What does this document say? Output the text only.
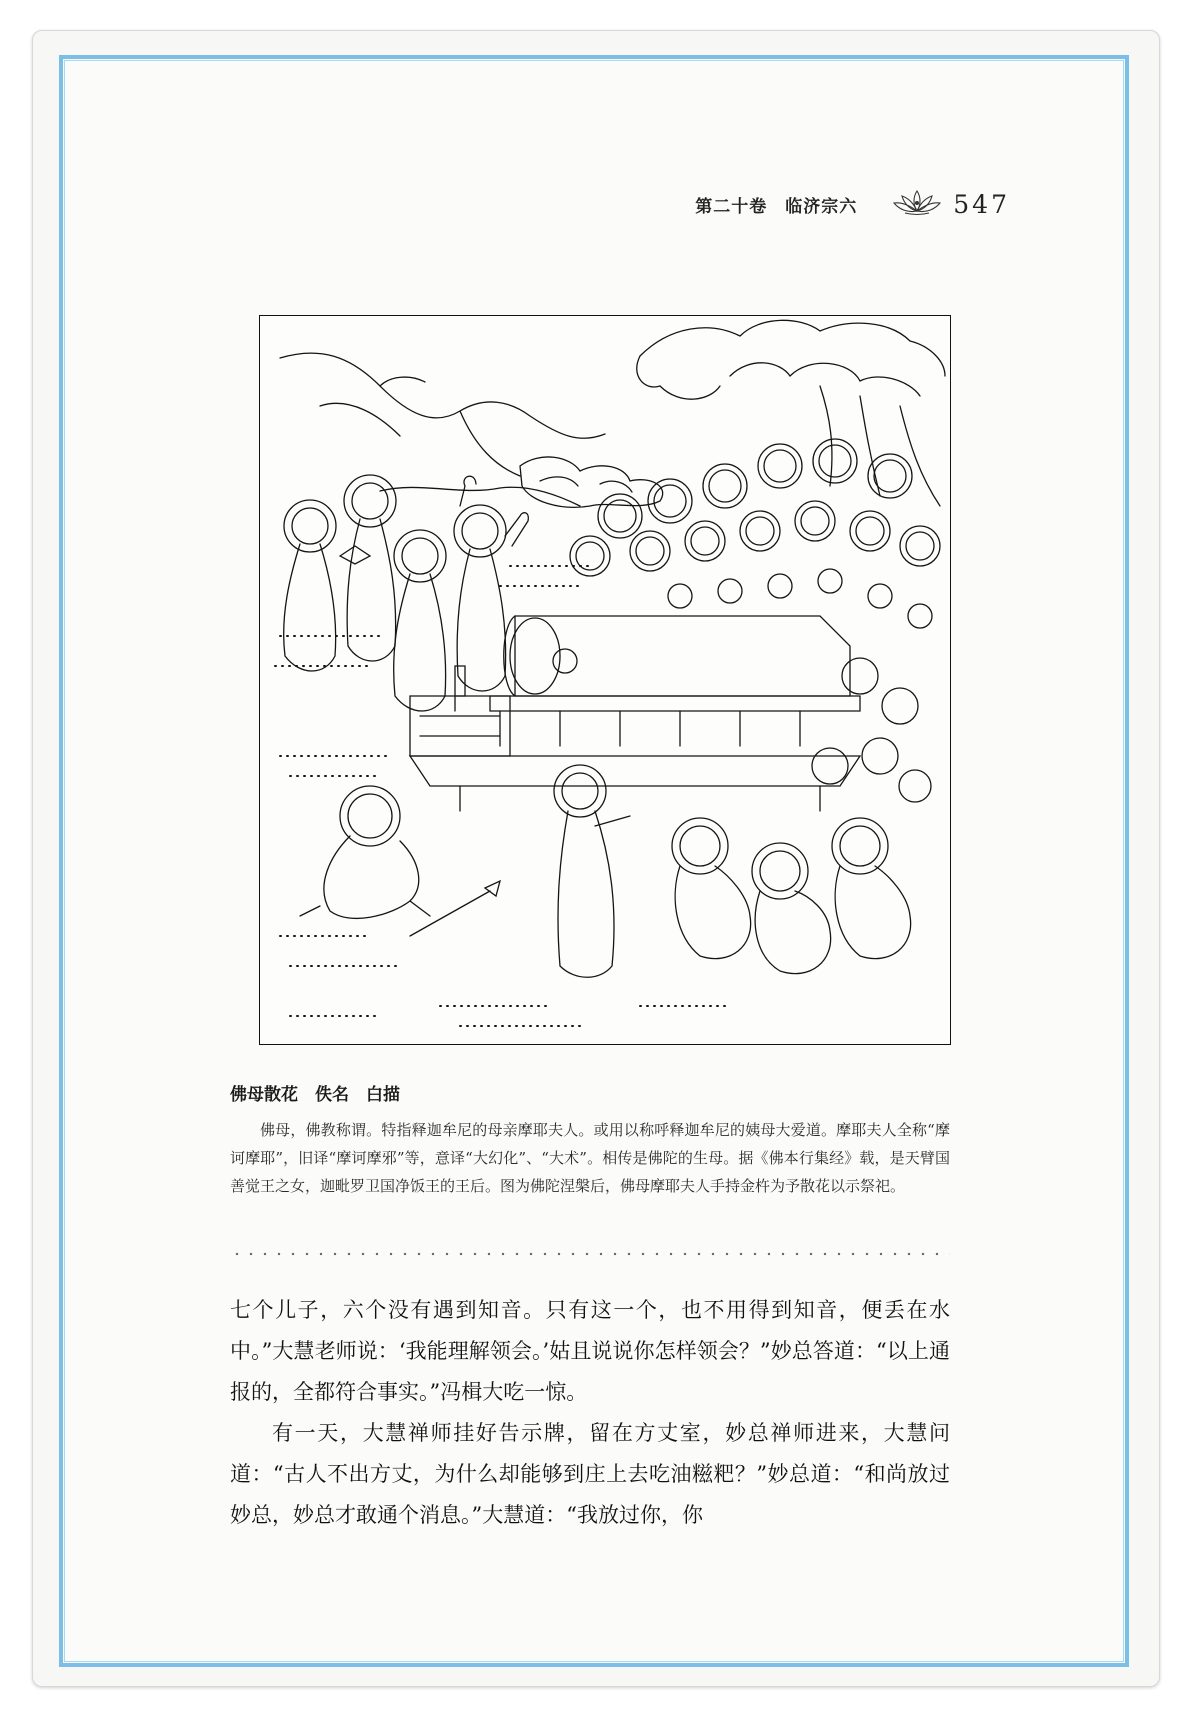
第二十卷　临济宗六	547
佛母散花　佚名　白描
佛母，佛教称谓。特指释迦牟尼的母亲摩耶夫人。或用以称呼释迦牟尼的姨母大爱道。摩耶夫人全称“摩诃摩耶”，旧译“摩诃摩邪”等，意译“大幻化”、“大术”。相传是佛陀的生母。据《佛本行集经》载，是天臂国善觉王之女，迦毗罗卫国净饭王的王后。图为佛陀涅槃后，佛母摩耶夫人手持金杵为予散花以示祭祀。

七个儿子，六个没有遇到知音。只有这一个，也不用得到知音，便丢在水中。”大慧老师说：‘我能理解领会。’姑且说说你怎样领会？”妙总答道：“以上通报的，全都符合事实。”冯楫大吃一惊。

有一天，大慧禅师挂好告示牌，留在方丈室，妙总禅师进来，大慧问道：“古人不出方丈，为什么却能够到庄上去吃油糍粑？”妙总道：“和尚放过妙总，妙总才敢通个消息。”大慧道：“我放过你，你
